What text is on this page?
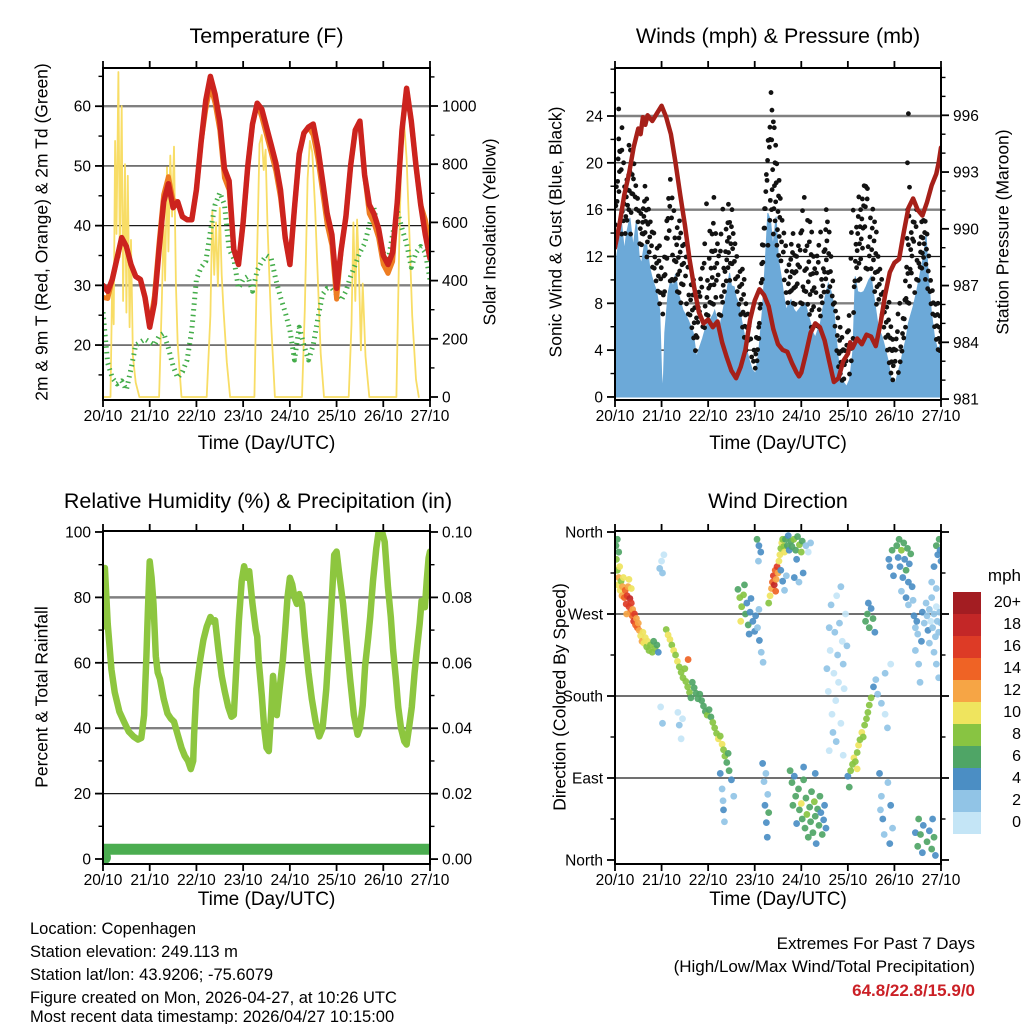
20/10 21/10 22/10 23/10 24/10 25/10 26/10 27/10
20
30
40
50
60
0
200
400
600
800
1000
20/10 21/10 22/10 23/10 24/10 25/10 26/10 27/10
0
4
8
12
16
20
24
981
984
987
990
993
996
20/10 21/10 22/10 23/10 24/10 25/10 26/10 27/10
0
20
40
60
80
100
0.00
0.02
0.04
0.06
0.08
0.10
20/10 21/10 22/10 23/10 24/10 25/10 26/10 27/10
North
West
South
East
North
Temperature (F)	Winds (mph) & Pressure (mb)
Relative Humidity (%) & Precipitation (in)	Wind Direction
Time (Day/UTC)	Time (Day/UTC)
Time (Day/UTC)	Time (Day/UTC)
2m & 9m T (Red, Orange) & 2m Td (Green)	Solar Insolation (Yellow)	Sonic Wind & Gust (Blue, Black)	Station Pressure (Maroon)
Percent & Total Rainfall	Direction (Colored By Speed)
mph
20+
18
16
14
12
10
8
6
4
2
0
Location: Copenhagen
Station elevation: 249.113 m
Station lat/lon: 43.9206; -75.6079
Figure created on Mon, 2026-04-27, at 10:26 UTC
Most recent data timestamp: 2026/04/27 10:15:00
Extremes For Past 7 Days
(High/Low/Max Wind/Total Precipitation)
64.8/22.8/15.9/0
